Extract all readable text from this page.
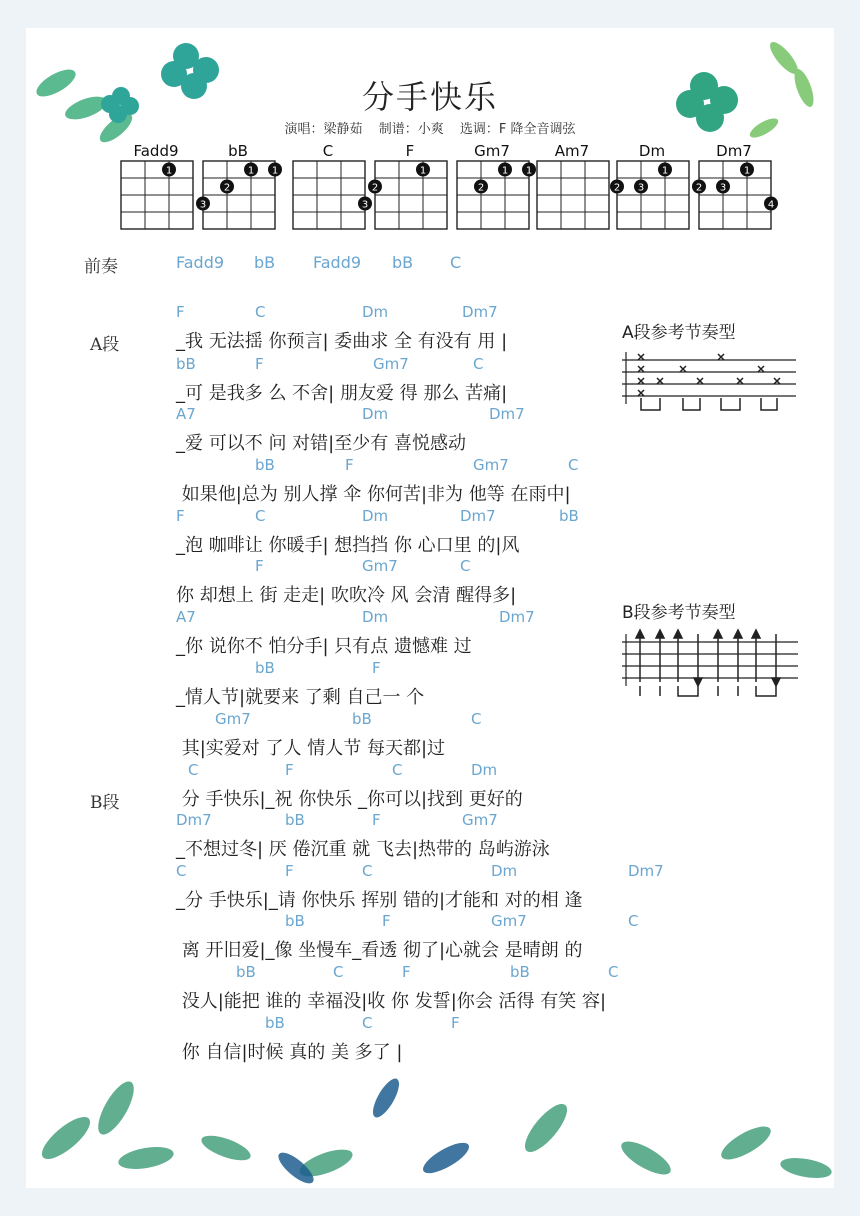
分手快乐
演唱：梁静茹 制谱：小爽 选调：F 降全音调弦
Fadd9
1
bB
1 1
2
3
C
3
F
1
2
Gm7
1 1
2
Am7	Dm
1
2 3
Dm7
1
2 3
4
前奏	Fadd9 bB Fadd9 bB C
A段
B段
A段参考节奏型
B段参考节奏型
F	C	Dm	Dm7
_我 无法揺 你预言| 委曲求 全 有没有 用 |
bB	F	Gm7	C
_可 是我多 么 不舍| 朋友爱 得 那么 苦痛|
A7	Dm	Dm7
_爱 可以不 问 对错|至少有 喜悦感动
bB	F	Gm7	C
如果他|总为 别人撑 伞 你何苦|非为 他等 在雨中|
F	C	Dm	Dm7	bB
_泡 咖啡让 你暖手| 想挡挡 你 心口里 的|风
F	Gm7	C
你 却想上 街 走走| 吹吹冷 风 会清 醒得多|
A7	Dm	Dm7
_你 说你不 怕分手| 只有点 遗憾难 过
bB	F
_情人节|就要来 了剩 自己一 个
Gm7	bB	C
其|实爱对 了人 情人节 每天都|过
C	F	C	Dm
分 手快乐|_祝 你快乐 _你可以|找到 更好的
Dm7	bB	F	Gm7
_不想过冬| 厌 倦沉重 就 飞去|热带的 岛屿游泳
C	F	C	Dm	Dm7
_分 手快乐|_请 你快乐 挥别 错的|才能和 对的相 逢
bB	F	Gm7	C
离 开旧爱|_像 坐慢车_看透 彻了|心就会 是晴朗 的
bB	C	F	bB	C
没人|能把 谁的 幸福没|收 你 发誓|你会 活得 有笑 容|
bB	C	F
你 自信|时候 真的 美 多了 |
